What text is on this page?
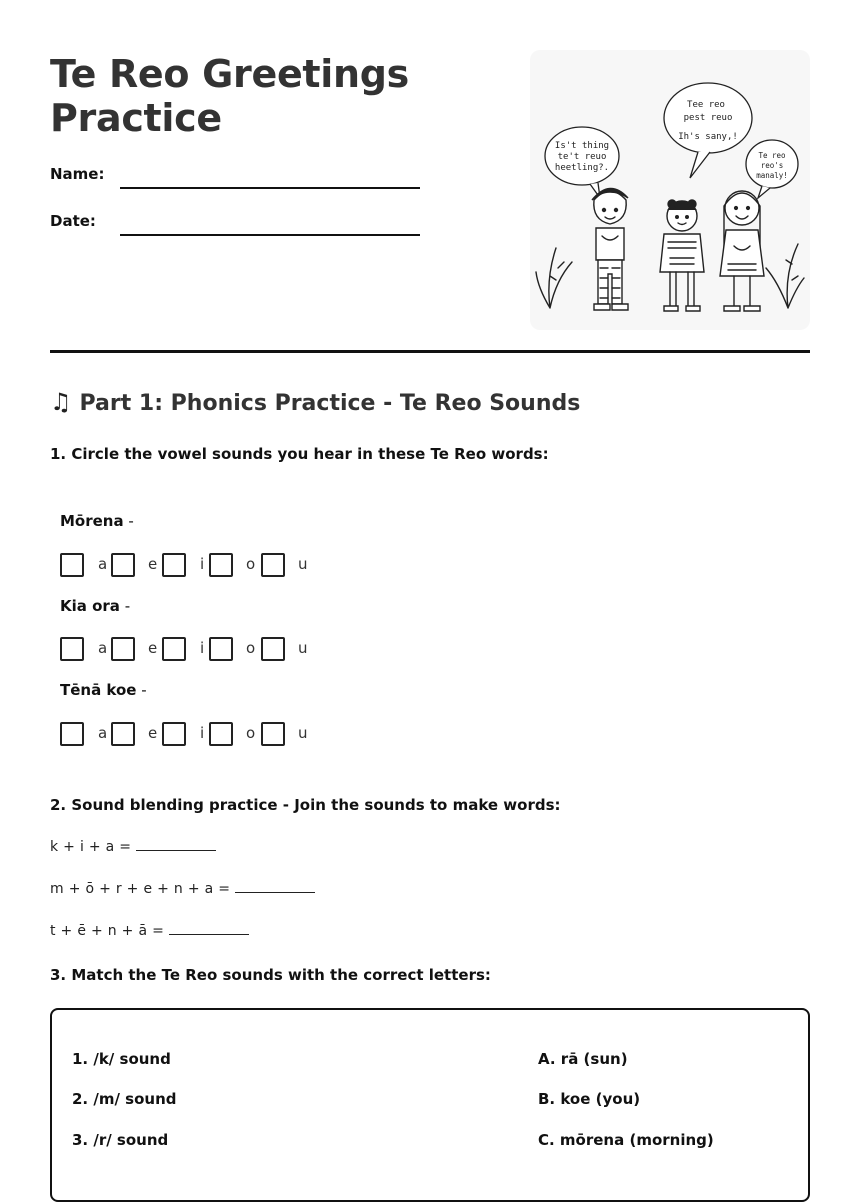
Te Reo Greetings
Practice
Name:
Date:
Is't thing
te't reuo
heetling?.
Tee reo
pest reuo
Ih's sany,!
Te reo
reo's
manaly!
♫ Part 1: Phonics Practice - Te Reo Sounds
1. Circle the vowel sounds you hear in these Te Reo words:
Mōrena -
a	e	i	o	u
Kia ora -
a	e	i	o	u
Tēnā koe -
a	e	i	o	u
2. Sound blending practice - Join the sounds to make words:
k + i + a =
m + ō + r + e + n + a =
t + ē + n + ā =
3. Match the Te Reo sounds with the correct letters:
1. /k/ sound	A. rā (sun)
2. /m/ sound	B. koe (you)
3. /r/ sound	C. mōrena (morning)
